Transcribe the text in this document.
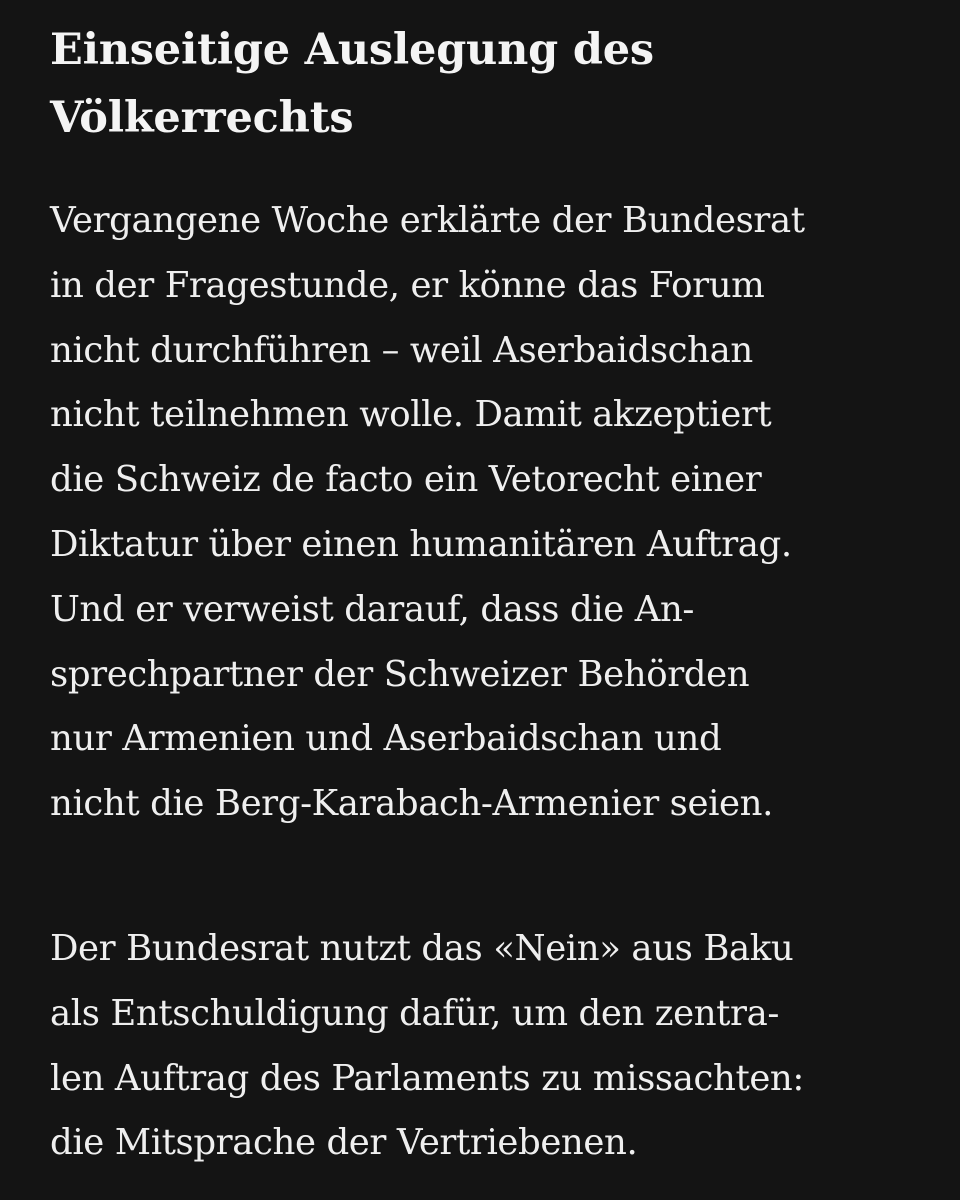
Einseitige Auslegung des
Völkerrechts

Vergangene Woche erklärte der Bundesrat
in der Fragestunde, er könne das Forum
nicht durchführen – weil Aserbaidschan
nicht teilnehmen wolle. Damit akzeptiert
die Schweiz de facto ein Vetorecht einer
Diktatur über einen humanitären Auftrag.
Und er verweist darauf, dass die An-
sprechpartner der Schweizer Behörden
nur Armenien und Aserbaidschan und
nicht die Berg-Karabach-Armenier seien.

Der Bundesrat nutzt das «Nein» aus Baku
als Entschuldigung dafür, um den zentra-
len Auftrag des Parlaments zu missachten:
die Mitsprache der Vertriebenen.
